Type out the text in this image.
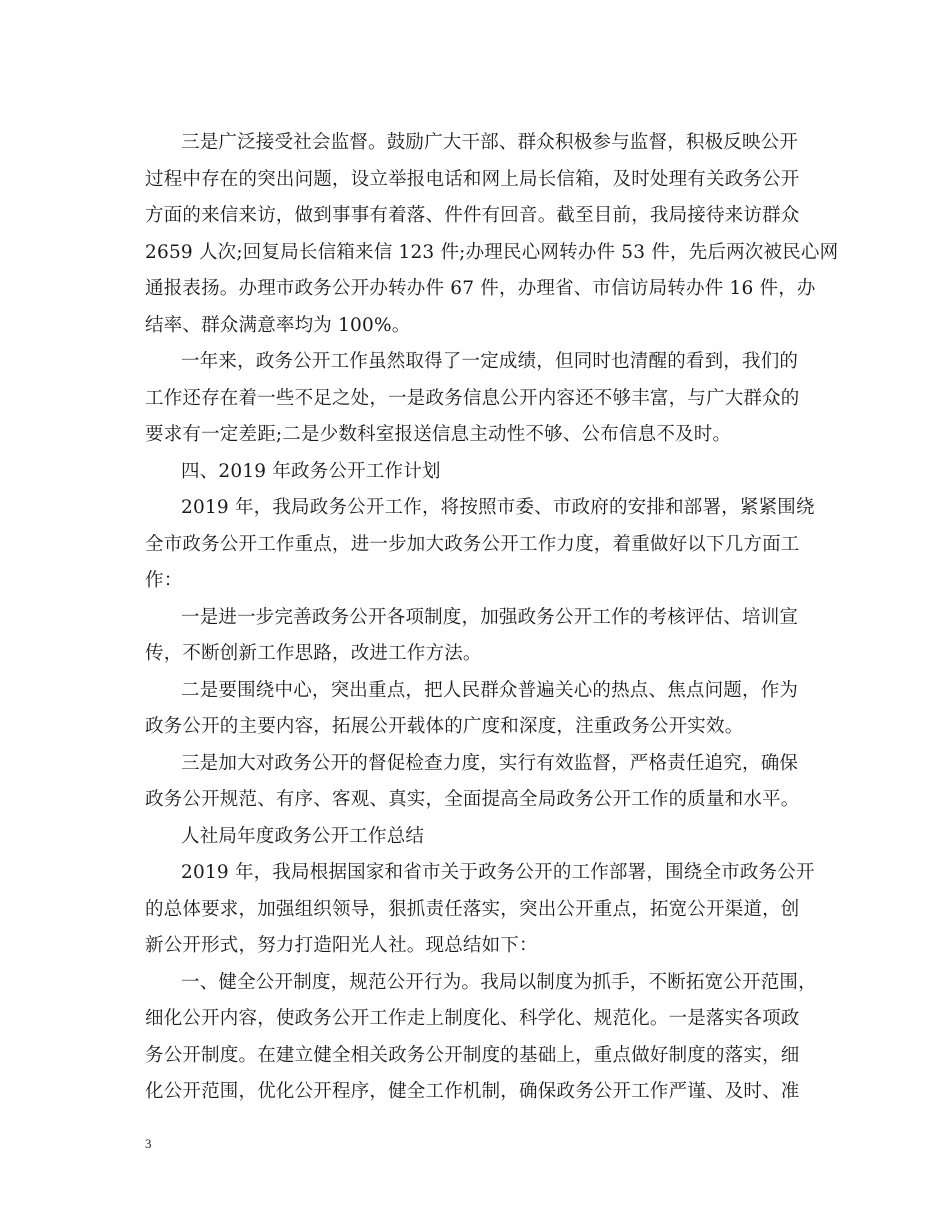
三是广泛接受社会监督。鼓励广大干部、群众积极参与监督，积极反映公开
过程中存在的突出问题，设立举报电话和网上局长信箱，及时处理有关政务公开
方面的来信来访，做到事事有着落、件件有回音。截至目前，我局接待来访群众
2659 人次;回复局长信箱来信 123 件;办理民心网转办件 53 件，先后两次被民心网
通报表扬。办理市政务公开办转办件 67 件，办理省、市信访局转办件 16 件，办
结率、群众满意率均为 100%。
一年来，政务公开工作虽然取得了一定成绩，但同时也清醒的看到，我们的
工作还存在着一些不足之处，一是政务信息公开内容还不够丰富，与广大群众的
要求有一定差距;二是少数科室报送信息主动性不够、公布信息不及时。
四、2019 年政务公开工作计划
2019 年，我局政务公开工作，将按照市委、市政府的安排和部署，紧紧围绕
全市政务公开工作重点，进一步加大政务公开工作力度，着重做好以下几方面工
作：
一是进一步完善政务公开各项制度，加强政务公开工作的考核评估、培训宣
传，不断创新工作思路，改进工作方法。
二是要围绕中心，突出重点，把人民群众普遍关心的热点、焦点问题，作为
政务公开的主要内容，拓展公开载体的广度和深度，注重政务公开实效。
三是加大对政务公开的督促检查力度，实行有效监督，严格责任追究，确保
政务公开规范、有序、客观、真实，全面提高全局政务公开工作的质量和水平。
人社局年度政务公开工作总结
2019 年，我局根据国家和省市关于政务公开的工作部署，围绕全市政务公开
的总体要求，加强组织领导，狠抓责任落实，突出公开重点，拓宽公开渠道，创
新公开形式，努力打造阳光人社。现总结如下：
一、健全公开制度，规范公开行为。我局以制度为抓手，不断拓宽公开范围，
细化公开内容，使政务公开工作走上制度化、科学化、规范化。一是落实各项政
务公开制度。在建立健全相关政务公开制度的基础上，重点做好制度的落实，细
化公开范围，优化公开程序，健全工作机制，确保政务公开工作严谨、及时、准
3
